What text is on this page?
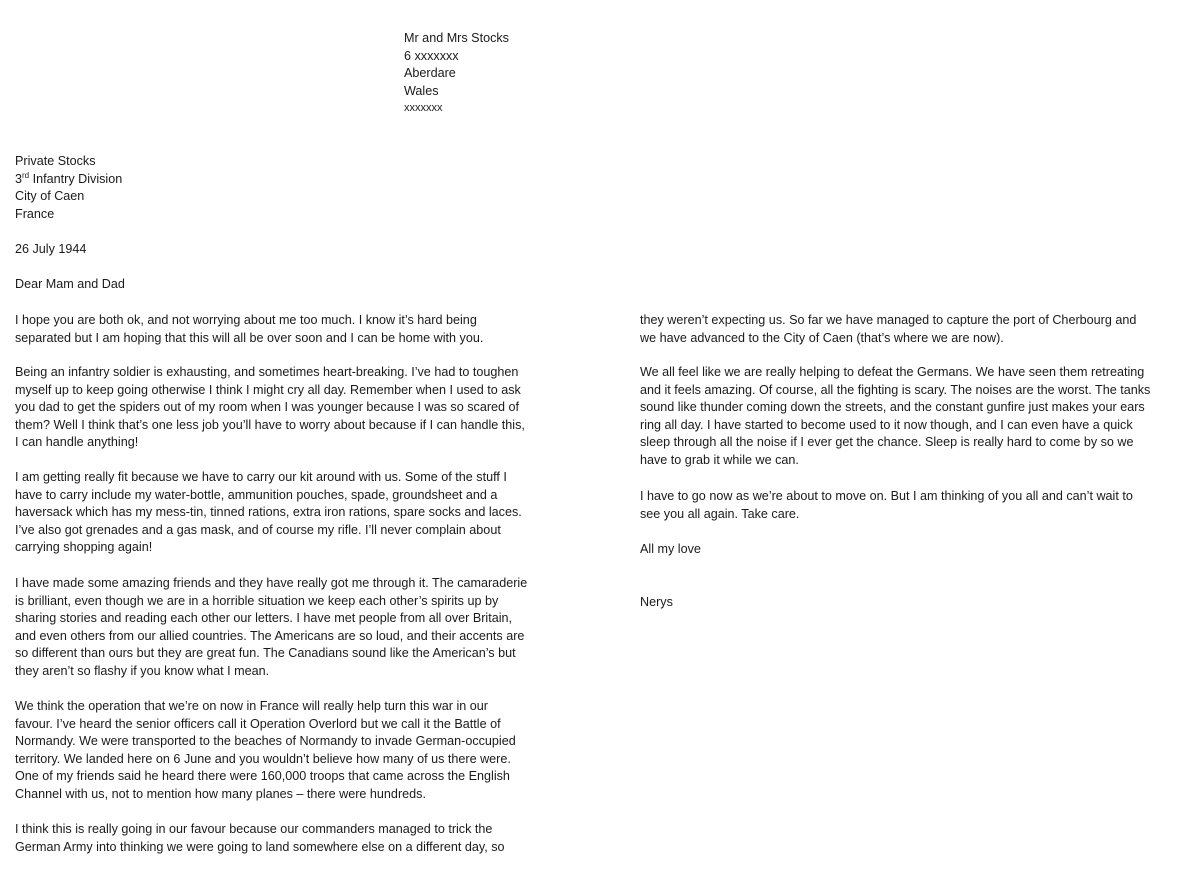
Mr and Mrs Stocks
6 xxxxxxx
Aberdare
Wales
xxxxxxx
Private Stocks
3rd Infantry Division
City of Caen
France
26 July 1944
Dear Mam and Dad
I hope you are both ok, and not worrying about me too much. I know it’s hard being
separated but I am hoping that this will all be over soon and I can be home with you.
Being an infantry soldier is exhausting, and sometimes heart-breaking. I’ve had to toughen
myself up to keep going otherwise I think I might cry all day. Remember when I used to ask
you dad to get the spiders out of my room when I was younger because I was so scared of
them? Well I think that’s one less job you’ll have to worry about because if I can handle this,
I can handle anything!
I am getting really fit because we have to carry our kit around with us. Some of the stuff I
have to carry include my water-bottle, ammunition pouches, spade, groundsheet and a
haversack which has my mess-tin, tinned rations, extra iron rations, spare socks and laces.
I’ve also got grenades and a gas mask, and of course my rifle. I’ll never complain about
carrying shopping again!
I have made some amazing friends and they have really got me through it. The camaraderie
is brilliant, even though we are in a horrible situation we keep each other’s spirits up by
sharing stories and reading each other our letters. I have met people from all over Britain,
and even others from our allied countries. The Americans are so loud, and their accents are
so different than ours but they are great fun. The Canadians sound like the American’s but
they aren’t so flashy if you know what I mean.
We think the operation that we’re on now in France will really help turn this war in our
favour. I’ve heard the senior officers call it Operation Overlord but we call it the Battle of
Normandy. We were transported to the beaches of Normandy to invade German-occupied
territory. We landed here on 6 June and you wouldn’t believe how many of us there were.
One of my friends said he heard there were 160,000 troops that came across the English
Channel with us, not to mention how many planes – there were hundreds.
I think this is really going in our favour because our commanders managed to trick the
German Army into thinking we were going to land somewhere else on a different day, so
they weren’t expecting us. So far we have managed to capture the port of Cherbourg and
we have advanced to the City of Caen (that’s where we are now).
We all feel like we are really helping to defeat the Germans. We have seen them retreating
and it feels amazing. Of course, all the fighting is scary. The noises are the worst. The tanks
sound like thunder coming down the streets, and the constant gunfire just makes your ears
ring all day. I have started to become used to it now though, and I can even have a quick
sleep through all the noise if I ever get the chance. Sleep is really hard to come by so we
have to grab it while we can.
I have to go now as we’re about to move on. But I am thinking of you all and can’t wait to
see you all again. Take care.
All my love
Nerys
